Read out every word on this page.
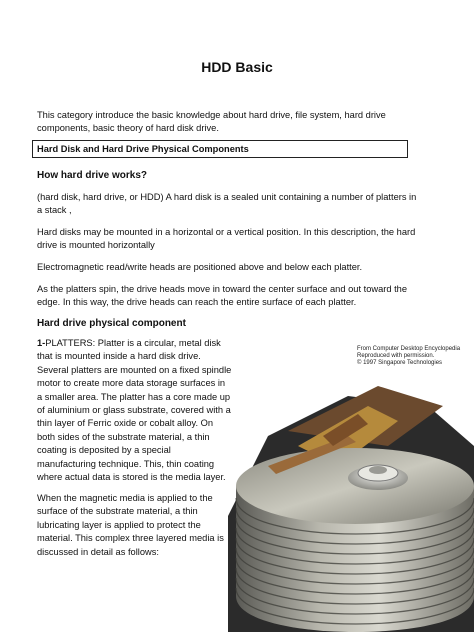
HDD Basic

This category introduce the basic knowledge about hard drive, file system, hard drive components, basic theory of hard disk drive.

Hard Disk and Hard Drive Physical Components
How hard drive works?

(hard disk, hard drive, or HDD) A hard disk is a sealed unit containing a number of platters in a stack ,

Hard disks may be mounted in a horizontal or a vertical position. In this description, the hard drive is mounted horizontally

Electromagnetic read/write heads are positioned above and below each platter.

As the platters spin, the drive heads move in toward the center surface and out toward the edge. In this way, the drive heads can reach the entire surface of each platter.

Hard drive physical component

1-PLATTERS: Platter is a circular, metal disk that is mounted inside a hard disk drive. Several platters are mounted on a fixed spindle motor to create more data storage surfaces in a smaller area. The platter has a core made up of aluminium or glass substrate, covered with a thin layer of Ferric oxide or cobalt alloy. On both sides of the substrate material, a thin coating is deposited by a special manufacturing technique. This, thin coating where actual data is stored is the media layer.

When the magnetic media is applied to the surface of the substrate material, a thin lubricating layer is applied to protect the material. This complex three layered media is discussed in detail as follows:

From Computer Desktop Encyclopedia
Reproduced with permission.
© 1997 Singapore Technologies
